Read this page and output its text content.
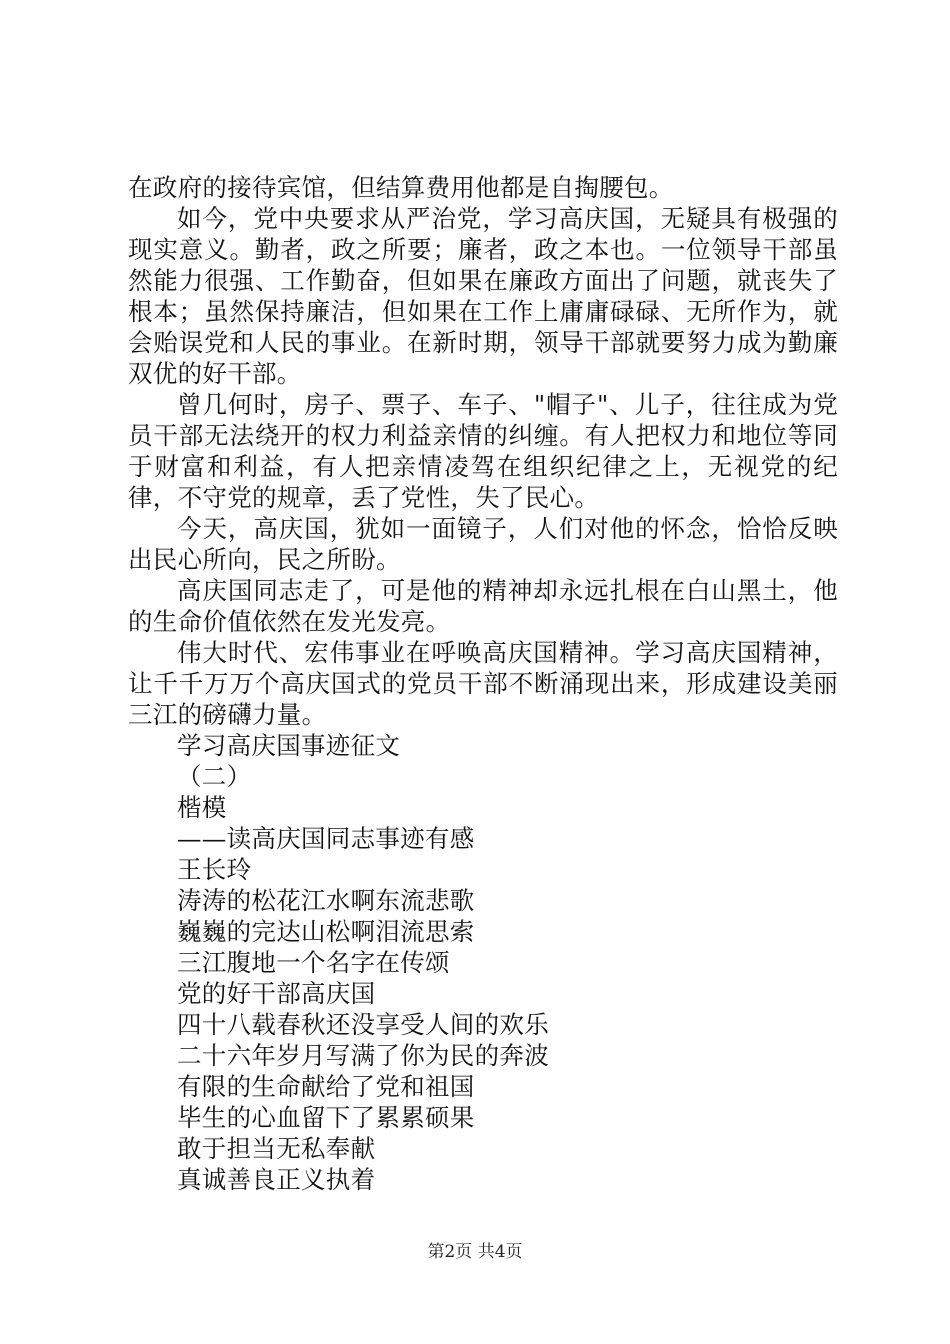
在政府的接待宾馆，但结算费用他都是自掏腰包。

如今，党中央要求从严治党，学习高庆国，无疑具有极强的现实意义。勤者，政之所要；廉者，政之本也。一位领导干部虽然能力很强、工作勤奋，但如果在廉政方面出了问题，就丧失了根本；虽然保持廉洁，但如果在工作上庸庸碌碌、无所作为，就会贻误党和人民的事业。在新时期，领导干部就要努力成为勤廉双优的好干部。

曾几何时，房子、票子、车子、"帽子"、儿子，往往成为党员干部无法绕开的权力利益亲情的纠缠。有人把权力和地位等同于财富和利益，有人把亲情凌驾在组织纪律之上，无视党的纪律，不守党的规章，丢了党性，失了民心。

今天，高庆国，犹如一面镜子，人们对他的怀念，恰恰反映出民心所向，民之所盼。

高庆国同志走了，可是他的精神却永远扎根在白山黑土，他的生命价值依然在发光发亮。

伟大时代、宏伟事业在呼唤高庆国精神。学习高庆国精神，让千千万万个高庆国式的党员干部不断涌现出来，形成建设美丽三江的磅礴力量。

学习高庆国事迹征文
（二）
楷模
——读高庆国同志事迹有感
王长玲
涛涛的松花江水啊东流悲歌
巍巍的完达山松啊泪流思索
三江腹地一个名字在传颂
党的好干部高庆国
四十八载春秋还没享受人间的欢乐
二十六年岁月写满了你为民的奔波
有限的生命献给了党和祖国
毕生的心血留下了累累硕果
敢于担当无私奉献
真诚善良正义执着
第2页 共4页
